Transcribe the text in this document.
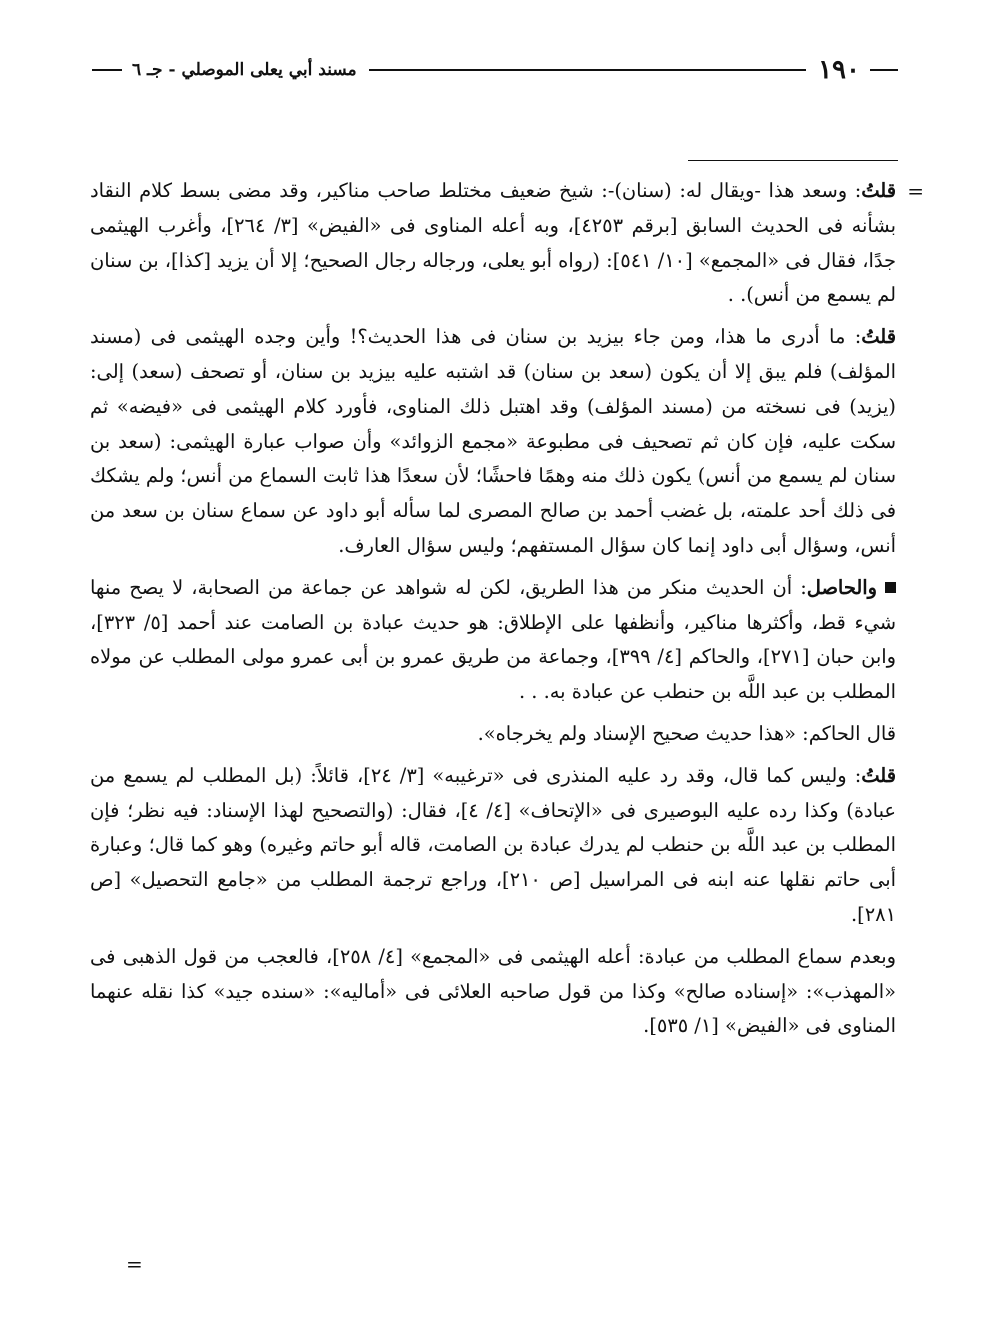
١٩٠
مسند أبي يعلى الموصلي - جـ ٦

=
قلتُ: وسعد هذا -ويقال له: (سنان)-: شيخ ضعيف مختلط صاحب مناكير، وقد مضى بسط كلام النقاد بشأنه فى الحديث السابق [برقم ٤٢٥٣]، وبه أعله المناوى فى «الفيض» [٣/ ٢٦٤]، وأغرب الهيثمى جدًا، فقال فى «المجمع» [١٠/ ٥٤١]: (رواه أبو يعلى، ورجاله رجال الصحيح؛ إلا أن يزيد [كذا]، بن سنان لم يسمع من أنس). .

قلتُ: ما أدرى ما هذا، ومن جاء بيزيد بن سنان فى هذا الحديث؟! وأين وجده الهيثمى فى (مسند المؤلف) فلم يبق إلا أن يكون (سعد بن سنان) قد اشتبه عليه بيزيد بن سنان، أو تصحف (سعد) إلى: (يزيد) فى نسخته من (مسند المؤلف) وقد اهتبل ذلك المناوى، فأورد كلام الهيثمى فى «فيضه» ثم سكت عليه، فإن كان ثم تصحيف فى مطبوعة «مجمع الزوائد» وأن صواب عبارة الهيثمى: (سعد بن سنان لم يسمع من أنس) يكون ذلك منه وهمًا فاحشًا؛ لأن سعدًا هذا ثابت السماع من أنس؛ ولم يشكك فى ذلك أحد علمته، بل غضب أحمد بن صالح المصرى لما سأله أبو داود عن سماع سنان بن سعد من أنس، وسؤال أبى داود إنما كان سؤال المستفهم؛ وليس سؤال العارف.

والحاصل: أن الحديث منكر من هذا الطريق، لكن له شواهد عن جماعة من الصحابة، لا يصح منها شيء قط، وأكثرها مناكير، وأنظفها على الإطلاق: هو حديث عبادة بن الصامت عند أحمد [٥/ ٣٢٣]، وابن حبان [٢٧١]، والحاكم [٤/ ٣٩٩]، وجماعة من طريق عمرو بن أبى عمرو مولى المطلب عن مولاه المطلب بن عبد اللَّه بن حنطب عن عبادة به. . .

قال الحاكم: «هذا حديث صحيح الإسناد ولم يخرجاه».

قلتُ: وليس كما قال، وقد رد عليه المنذرى فى «ترغيبه» [٣/ ٢٤]، قائلاً: (بل المطلب لم يسمع من عبادة) وكذا رده عليه البوصيرى فى «الإتحاف» [٤/ ٤]، فقال: (والتصحيح لهذا الإسناد: فيه نظر؛ فإن المطلب بن عبد اللَّه بن حنطب لم يدرك عبادة بن الصامت، قاله أبو حاتم وغيره) وهو كما قال؛ وعبارة أبى حاتم نقلها عنه ابنه فى المراسيل [ص ٢١٠]، وراجع ترجمة المطلب من «جامع التحصيل» [ص ٢٨١].

وبعدم سماع المطلب من عبادة: أعله الهيثمى فى «المجمع» [٤/ ٢٥٨]، فالعجب من قول الذهبى فى «المهذب»: «إسناده صالح» وكذا من قول صاحبه العلائى فى «أماليه»: «سنده جيد» كذا نقله عنهما المناوى فى «الفيض» [١/ ٥٣٥].

=
